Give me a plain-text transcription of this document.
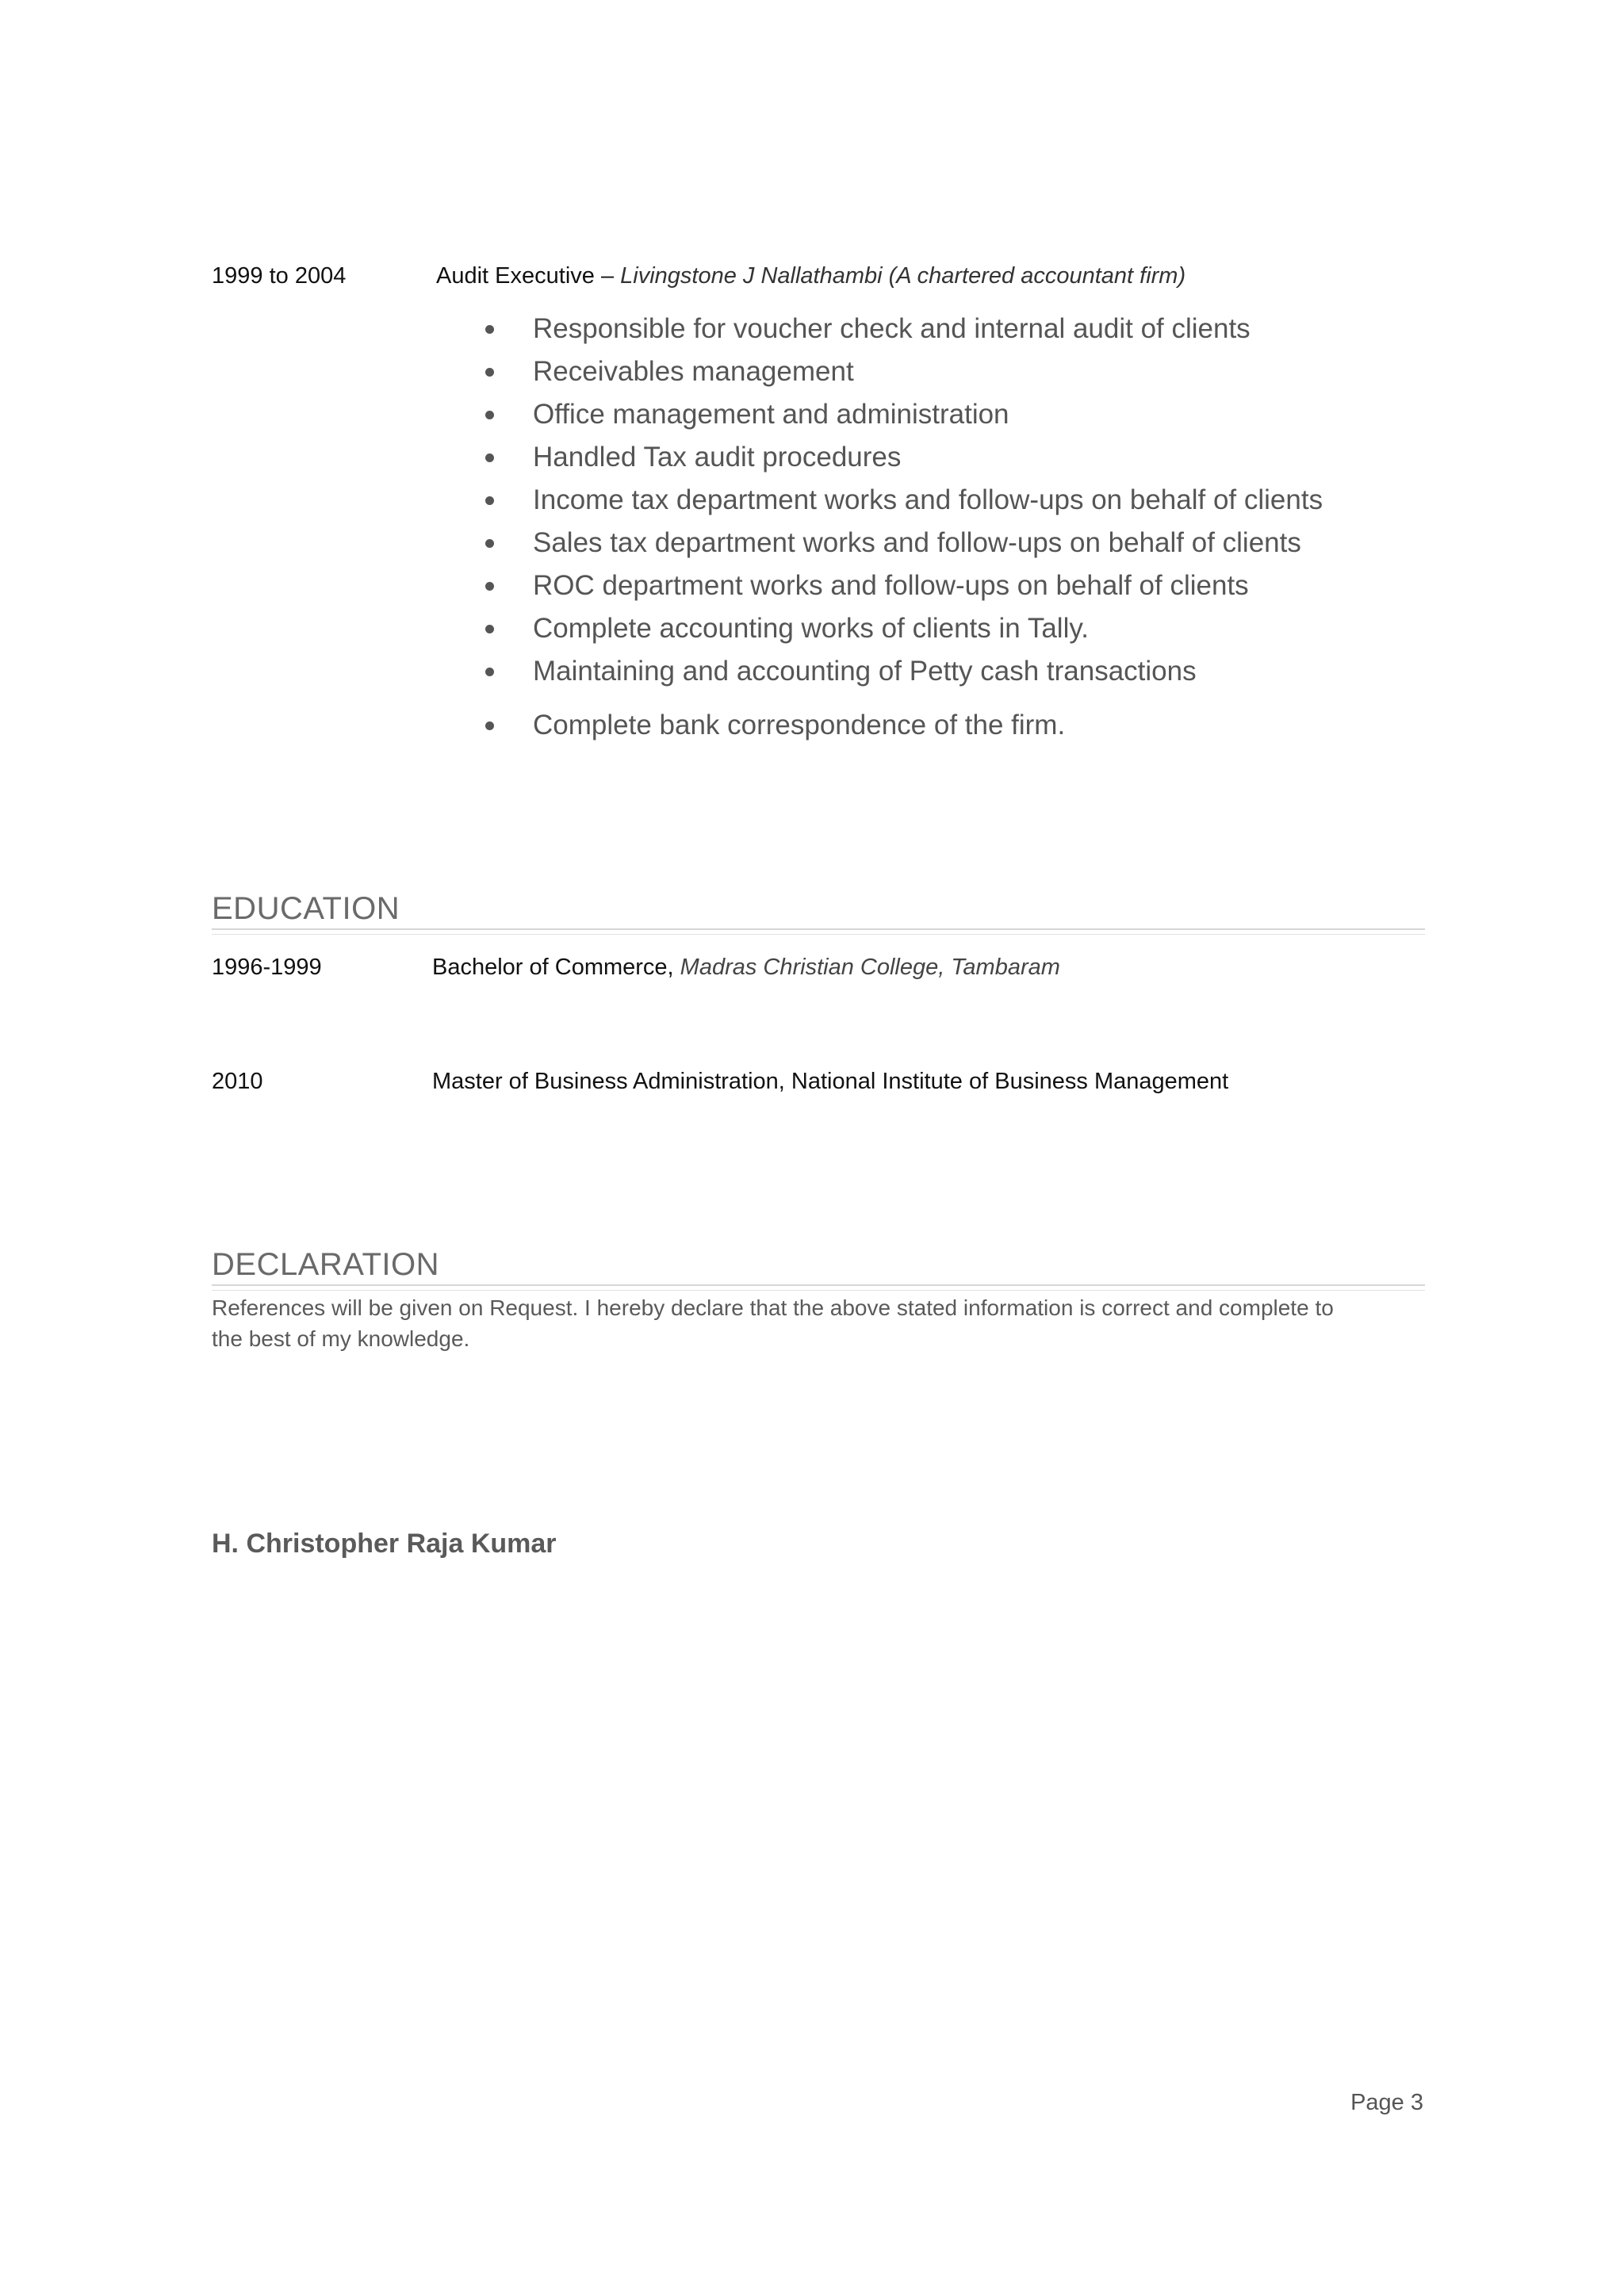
1999 to 2004	Audit Executive – Livingstone J Nallathambi (A chartered accountant firm)
Responsible for voucher check and internal audit of clients
Receivables management
Office management and administration
Handled Tax audit procedures
Income tax department works and follow-ups on behalf of clients
Sales tax department works and follow-ups on behalf of clients
ROC department works and follow-ups on behalf of clients
Complete accounting works of clients in Tally.
Maintaining and accounting of Petty cash transactions
Complete bank correspondence of the firm.
EDUCATION
1996-1999	Bachelor of Commerce, Madras Christian College, Tambaram
2010	Master of Business Administration, National Institute of Business Management
DECLARATION
References will be given on Request. I hereby declare that the above stated information is correct and complete to the best of my knowledge.
H. Christopher Raja Kumar
Page 3
